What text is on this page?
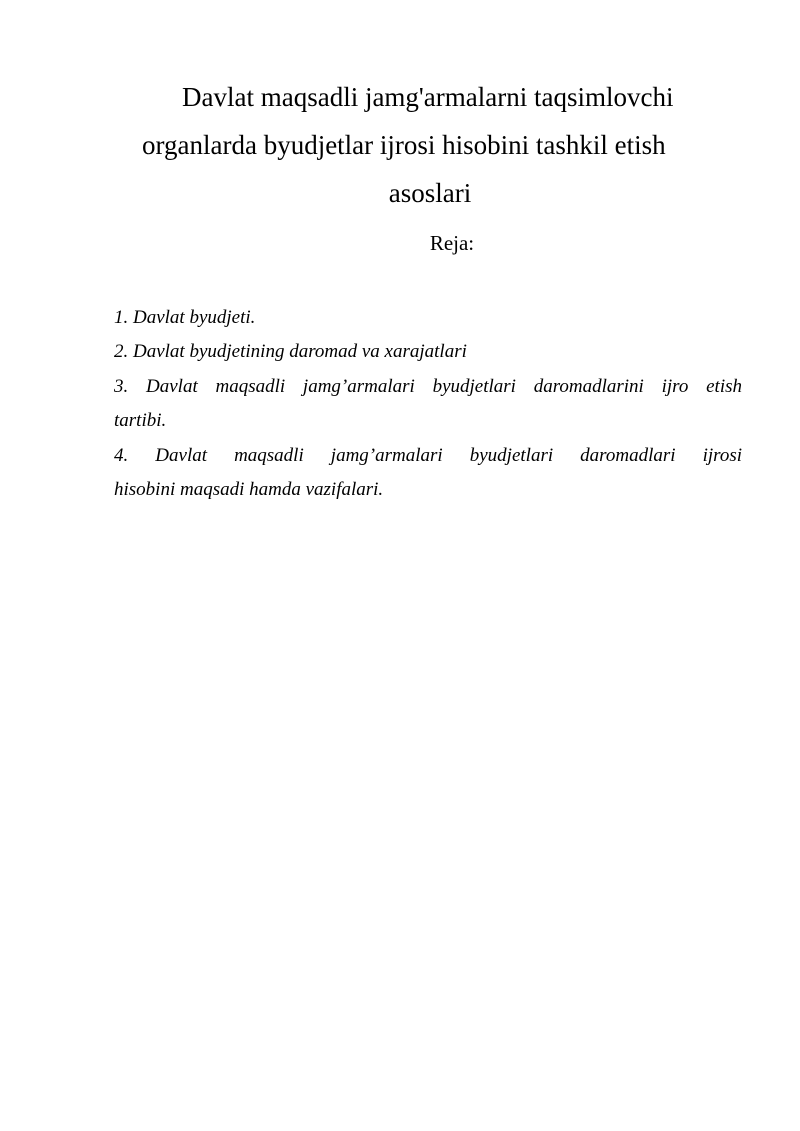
Davlat maqsadli jamg'armalarni taqsimlovchi
organlarda byudjetlar ijrosi hisobini tashkil etish
asoslari
Reja:
1. Davlat byudjeti.
2. Davlat byudjetining daromad va xarajatlari
3. Davlat maqsadli jamg’armalari byudjetlari daromadlarini ijro etish
tartibi.
4. Davlat maqsadli jamg’armalari byudjetlari daromadlari ijrosi
hisobini maqsadi hamda vazifalari.
